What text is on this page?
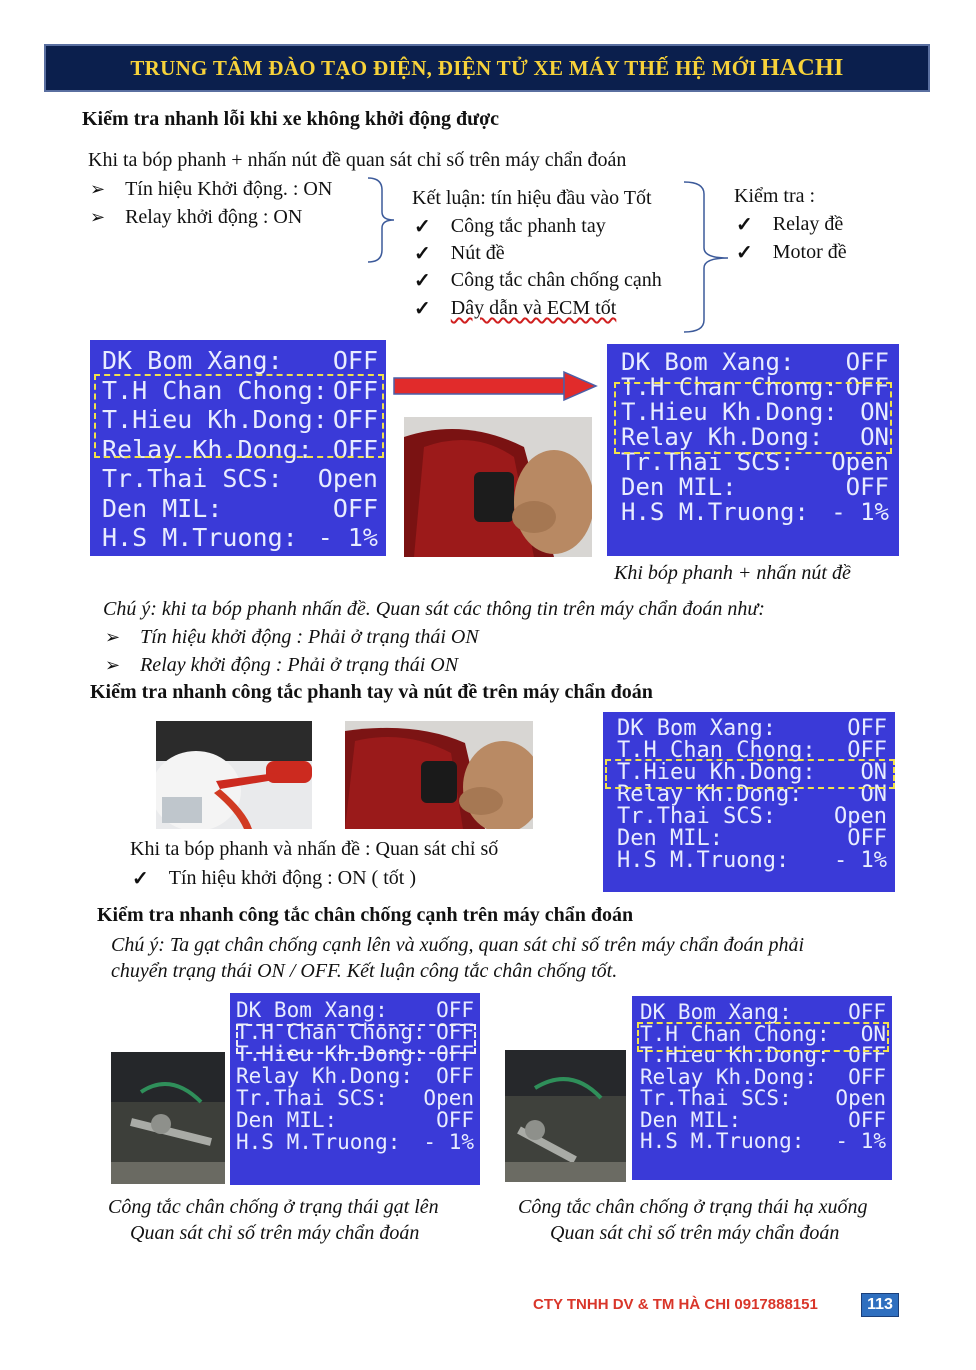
TRUNG TÂM ĐÀO TẠO ĐIỆN, ĐIỆN TỬ XE MÁY THẾ HỆ MỚI
HACHI
Kiểm tra nhanh lỗi khi xe không khởi động được
Khi ta bóp phanh + nhấn nút đề quan sát chỉ số trên máy chẩn đoán
➢
Tín hiệu Khởi động. : ON
➢
Relay khởi động : ON
Kết luận: tín hiệu đầu vào Tốt
✓
Công tắc phanh tay
✓
Nút đề
✓
Công tắc chân chống cạnh
✓
Dây dẫn và ECM tốt
Kiểm tra :
✓
Relay đề
✓
Motor đề
DK Bom Xang: OFF
T.H Chan Chong: OFF
T.Hieu Kh.Dong: OFF
Relay Kh.Dong: OFF
Tr.Thai SCS: Open
Den MIL:	OFF
H.S M.Truong: - 1%
DK Bom Xang: OFF
T.H Chan Chong: OFF
T.Hieu Kh.Dong: ON
Relay Kh.Dong: ON
Tr.Thai SCS: Open
Den MIL:	OFF
H.S M.Truong: - 1%
Khi bóp phanh + nhấn nút đề
Chú ý: khi ta bóp phanh nhấn đề. Quan sát các thông tin trên máy chẩn đoán như:
➢
Tín hiệu khởi động : Phải ở trạng thái ON
➢
Relay khởi động : Phải ở trạng thái ON
Kiểm tra nhanh công tắc phanh tay và nút đề trên máy chẩn đoán
Khi ta bóp phanh và nhấn đề : Quan sát chỉ số
✓
Tín hiệu khởi động : ON ( tốt )
DK Bom Xang:	OFF
T.H Chan Chong: OFF
T.Hieu Kh.Dong: ON
Relay Kh.Dong:	ON
Tr.Thai SCS:	Open
Den MIL:	OFF
H.S M.Truong: - 1%
Kiểm tra nhanh công tắc chân chống cạnh trên máy chẩn đoán
Chú ý: Ta gạt chân chống cạnh lên và xuống, quan sát chỉ số trên máy chẩn đoán phải
chuyển trạng thái ON / OFF. Kết luận công tắc chân chống tốt.
DK Bom Xang: OFF
T.H Chan Chong: OFF
T.Hieu Kh.Dong: OFF
Relay Kh.Dong: OFF
Tr.Thai SCS: Open
Den MIL:	OFF
H.S M.Truong: - 1%
DK Bom Xang:	OFF
T.H Chan Chong: ON
T.Hieu Kh.Dong: OFF
Relay Kh.Dong: OFF
Tr.Thai SCS: Open
Den MIL:	OFF
H.S M.Truong: - 1%
Công tắc chân chống ở trạng thái gạt lên
Quan sát chỉ số trên máy chẩn đoán
Công tắc chân chống ở trạng thái hạ xuống
Quan sát chỉ số trên máy chẩn đoán
CTY TNHH DV & TM HÀ CHI 0917888151	113
